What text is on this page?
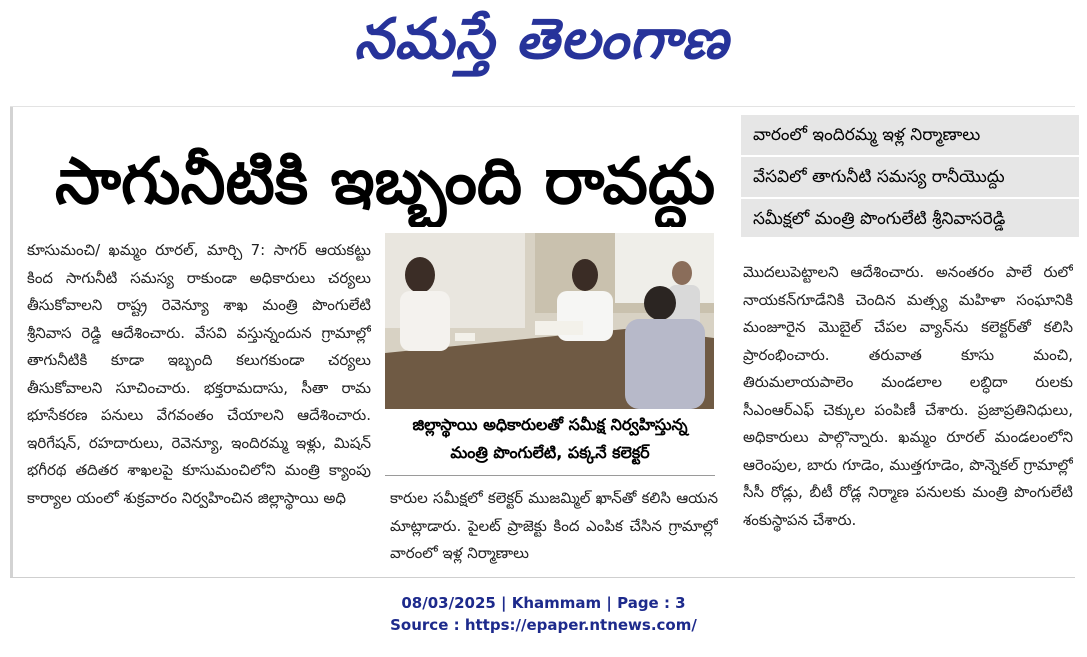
నమస్తే తెలంగాణ
సాగునీటికి ఇబ్బంది రావద్దు
వారంలో ఇందిరమ్మ ఇళ్ల నిర్మాణాలు
వేసవిలో తాగునీటి సమస్య రానీయొద్దు
సమీక్షలో మంత్రి పొంగులేటి శ్రీనివాసరెడ్డి

కూసుమంచి/ ఖమ్మం రూరల్, మార్చి 7: సాగర్ ఆయకట్టు కింద సాగునీటి సమస్య రాకుండా అధికారులు చర్యలు తీసుకోవాలని రాష్ట్ర రెవెన్యూ శాఖ మంత్రి పొంగులేటి శ్రీనివాస రెడ్డి ఆదేశించారు. వేసవి వస్తున్నందున గ్రామాల్లో తాగునీటికి కూడా ఇబ్బంది కలుగకుండా చర్యలు తీసుకోవాలని సూచించారు. భక్తరామదాసు, సీతా రామ భూసేకరణ పనులు వేగవంతం చేయాలని ఆదేశించారు. ఇరిగేషన్, రహదారులు, రెవెన్యూ, ఇందిరమ్మ ఇళ్లు, మిషన్ భగీరథ తదితర శాఖలపై కూసుమంచిలోని మంత్రి క్యాంపు కార్యాల యంలో శుక్రవారం నిర్వహించిన జిల్లాస్థాయి అధి

జిల్లాస్థాయి అధికారులతో సమీక్ష నిర్వహిస్తున్న
మంత్రి పొంగులేటి, పక్కనే కలెక్టర్

కారుల సమీక్షలో కలెక్టర్ ముజమ్మిల్ ఖాన్‌తో కలిసి ఆయన మాట్లాడారు. పైలట్ ప్రాజెక్టు కింద ఎంపిక చేసిన గ్రామాల్లో వారంలో ఇళ్ల నిర్మాణాలు

మొదలుపెట్టాలని ఆదేశించారు. అనంతరం పాలే రులో నాయకన్‌గూడేనికి చెందిన మత్స్య మహిళా సంఘానికి మంజూరైన మొబైల్ చేపల వ్యాన్‌ను కలెక్టర్‌తో కలిసి ప్రారంభించారు. తరువాత కూసు మంచి, తిరుమలాయపాలెం మండలాల లబ్ధిదా రులకు సీఎంఆర్ఎఫ్ చెక్కుల పంపిణీ చేశారు. ప్రజాప్రతినిధులు, అధికారులు పాల్గొన్నారు. ఖమ్మం రూరల్ మండలంలోని ఆరెంపుల, బారు గూడెం, ముత్తగూడెం, పొన్నెకల్ గ్రామాల్లో సీసీ రోడ్లు, బీటీ రోడ్ల నిర్మాణ పనులకు మంత్రి పొంగులేటి శంకుస్థాపన చేశారు.

08/03/2025 | Khammam | Page : 3
Source : https://epaper.ntnews.com/
